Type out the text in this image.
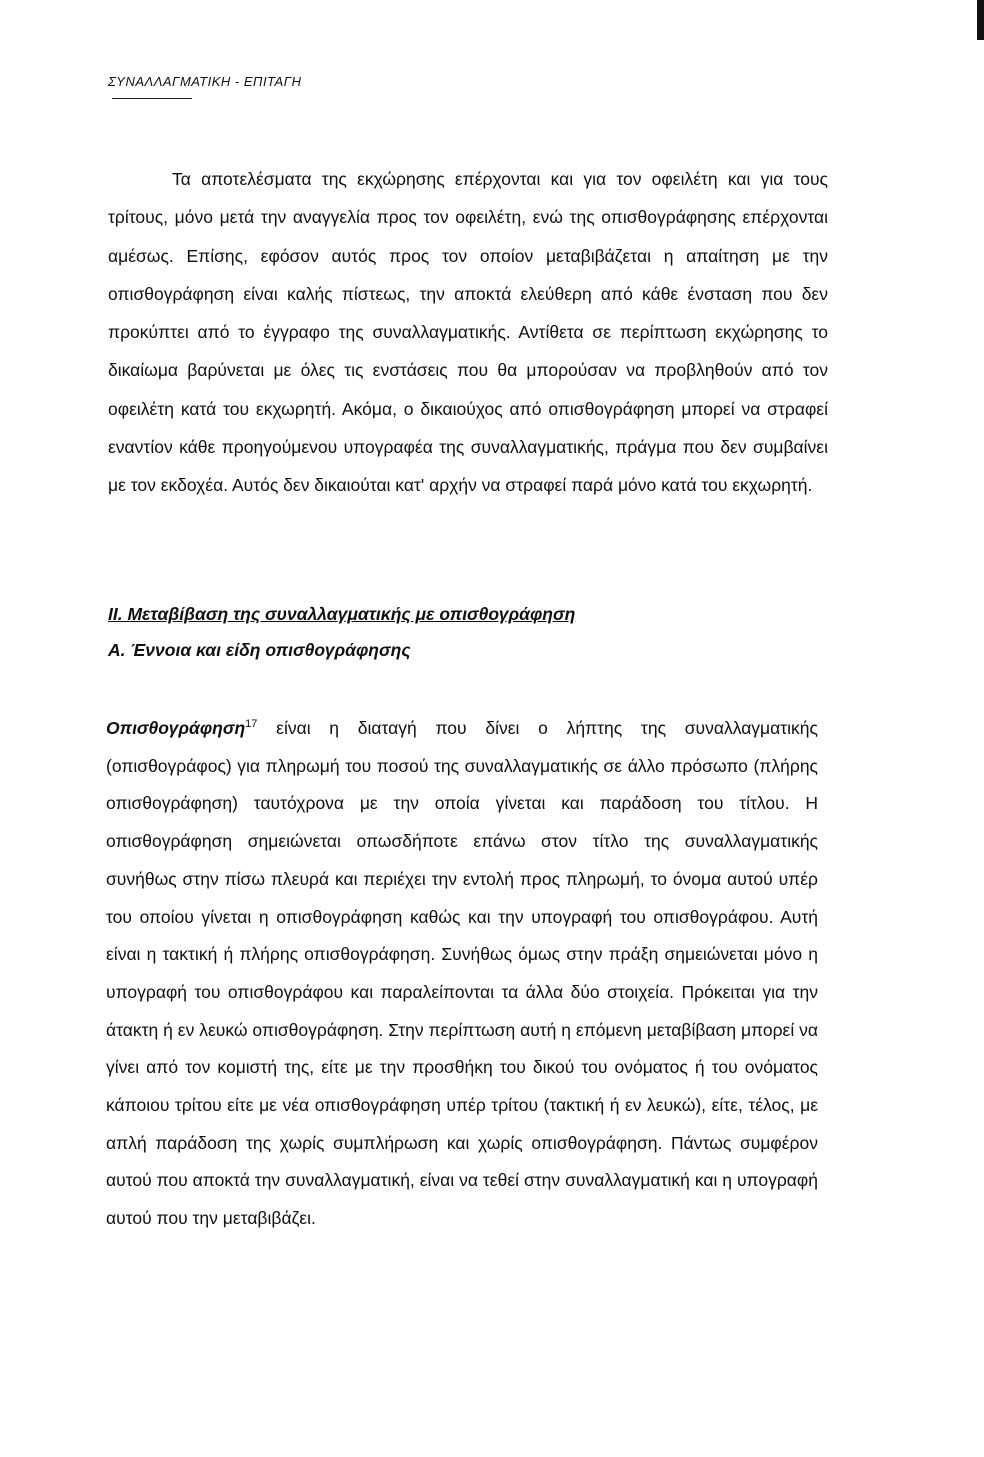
ΣΥΝΑΛΛΑΓΜΑΤΙΚΗ - ΕΠΙΤΑΓΗ

Τα αποτελέσματα της εκχώρησης επέρχονται και για τον οφειλέτη και για τους τρίτους, μόνο μετά την αναγγελία προς τον οφειλέτη, ενώ της οπισθογράφησης επέρχονται αμέσως. Επίσης, εφόσον αυτός προς τον οποίον μεταβιβάζεται η απαίτηση με την οπισθογράφηση είναι καλής πίστεως, την αποκτά ελεύθερη από κάθε ένσταση που δεν προκύπτει από το έγγραφο της συναλλαγματικής. Αντίθετα σε περίπτωση εκχώρησης το δικαίωμα βαρύνεται με όλες τις ενστάσεις που θα μπορούσαν να προβληθούν από τον οφειλέτη κατά του εκχωρητή. Ακόμα, ο δικαιούχος από οπισθογράφηση μπορεί να στραφεί εναντίον κάθε προηγούμενου υπογραφέα της συναλλαγματικής, πράγμα που δεν συμβαίνει με τον εκδοχέα. Αυτός δεν δικαιούται κατ' αρχήν να στραφεί παρά μόνο κατά του εκχωρητή.

II. Μεταβίβαση της συναλλαγματικής με οπισθογράφηση
Α. Έννοια και είδη οπισθογράφησης

Οπισθογράφηση$^{17}$ είναι η διαταγή που δίνει ο λήπτης της συναλλαγματικής (οπισθογράφος) για πληρωμή του ποσού της συναλλαγματικής σε άλλο πρόσωπο (πλήρης οπισθογράφηση) ταυτόχρονα με την οποία γίνεται και παράδοση του τίτλου. Η οπισθογράφηση σημειώνεται οπωσδήποτε επάνω στον τίτλο της συναλλαγματικής συνήθως στην πίσω πλευρά και περιέχει την εντολή προς πληρωμή, το όνομα αυτού υπέρ του οποίου γίνεται η οπισθογράφηση καθώς και την υπογραφή του οπισθογράφου. Αυτή είναι η τακτική ή πλήρης οπισθογράφηση. Συνήθως όμως στην πράξη σημειώνεται μόνο η υπογραφή του οπισθογράφου και παραλείπονται τα άλλα δύο στοιχεία. Πρόκειται για την άτακτη ή εν λευκώ οπισθογράφηση. Στην περίπτωση αυτή η επόμενη μεταβίβαση μπορεί να γίνει από τον κομιστή της, είτε με την προσθήκη του δικού του ονόματος ή του ονόματος κάποιου τρίτου είτε με νέα οπισθογράφηση υπέρ τρίτου (τακτική ή εν λευκώ), είτε, τέλος, με απλή παράδοση της χωρίς συμπλήρωση και χωρίς οπισθογράφηση. Πάντως συμφέρον αυτού που αποκτά την συναλλαγματική, είναι να τεθεί στην συναλλαγματική και η υπογραφή αυτού που την μεταβιβάζει.
